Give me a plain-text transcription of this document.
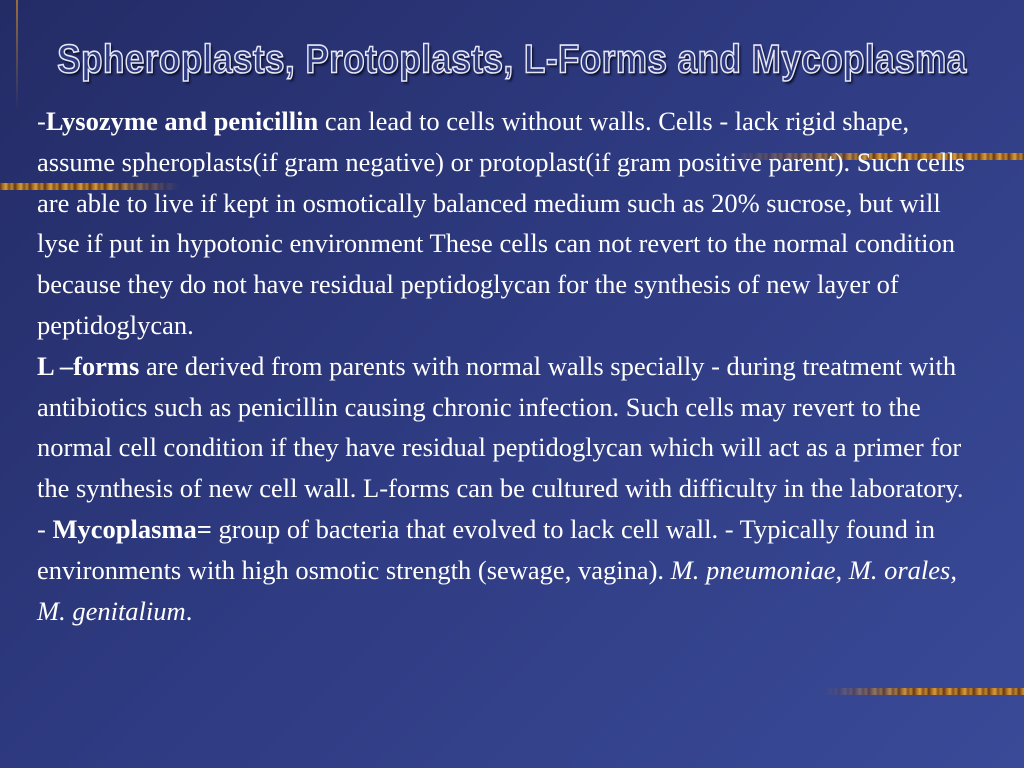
Spheroplasts, Protoplasts, L-Forms and Mycoplasma

-Lysozyme and penicillin can lead to cells without walls. Cells - lack rigid shape, assume spheroplasts(if gram negative) or protoplast(if gram positive parent). Such cells are able to live if kept in osmotically balanced medium such as 20% sucrose, but will lyse if put in hypotonic environment These cells can not revert to the normal condition because they do not have residual peptidoglycan for the synthesis of new layer of peptidoglycan.

L –forms are derived from parents with normal walls specially - during treatment with antibiotics such as penicillin causing chronic infection. Such cells may revert to the normal cell condition if they have residual peptidoglycan which will act as a primer for the synthesis of new cell wall. L-forms can be cultured with difficulty in the laboratory.

- Mycoplasma= group of bacteria that evolved to lack cell wall. - Typically found in environments with high osmotic strength (sewage, vagina). M. pneumoniae, M. orales, M. genitalium.
